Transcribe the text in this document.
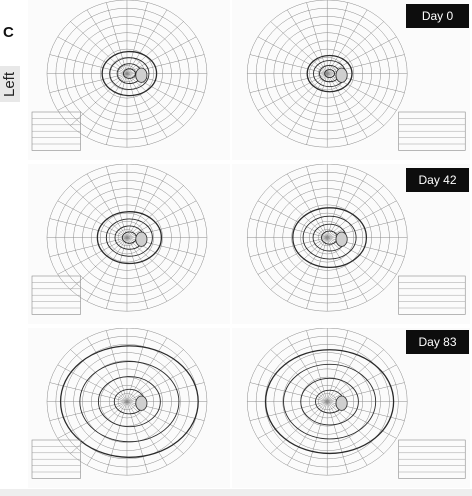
C
Left
Day 0
Day 42
Day 83
